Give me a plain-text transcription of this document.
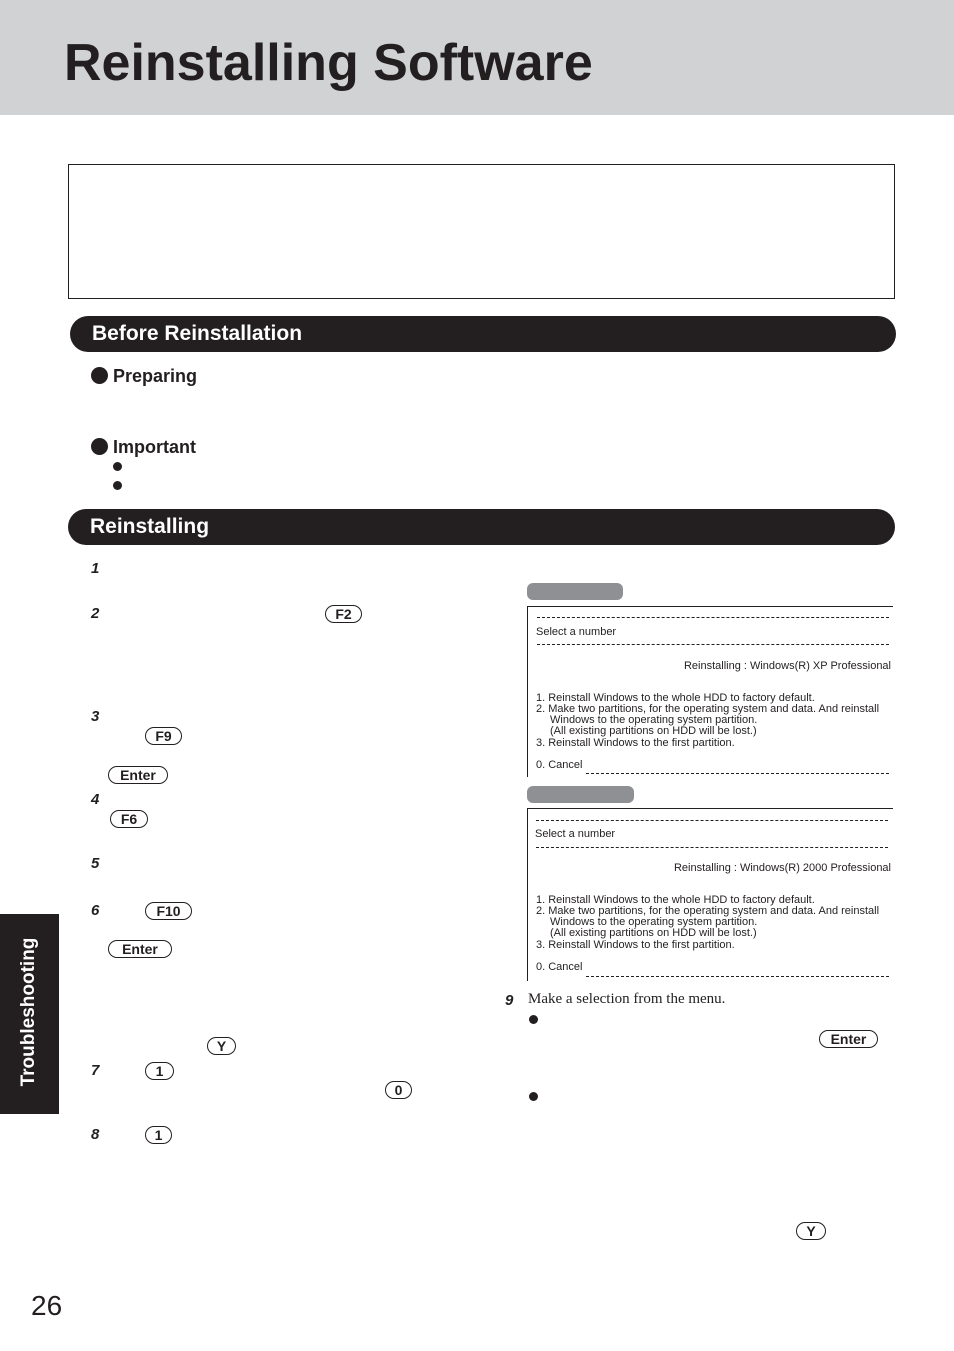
Reinstalling Software
Before Reinstallation
Preparing
Important
Reinstalling
1
2
3
4
5
6
7
8
F2
F9
Enter
F6
F10
Enter
Y
1
0
1
Select a number
Reinstalling : Windows(R) XP Professional
1. Reinstall Windows to the whole HDD to factory default.
2. Make two partitions, for the operating system and data. And reinstall
Windows to the operating system partition.
(All existing partitions on HDD will be lost.)
3. Reinstall Windows to the first partition.
0. Cancel
Select a number
Reinstalling : Windows(R) 2000 Professional
1. Reinstall Windows to the whole HDD to factory default.
2. Make two partitions, for the operating system and data. And reinstall
Windows to the operating system partition.
(All existing partitions on HDD will be lost.)
3. Reinstall Windows to the first partition.
0. Cancel
9 Make a selection from the menu.
Enter
Y
Troubleshooting
26
